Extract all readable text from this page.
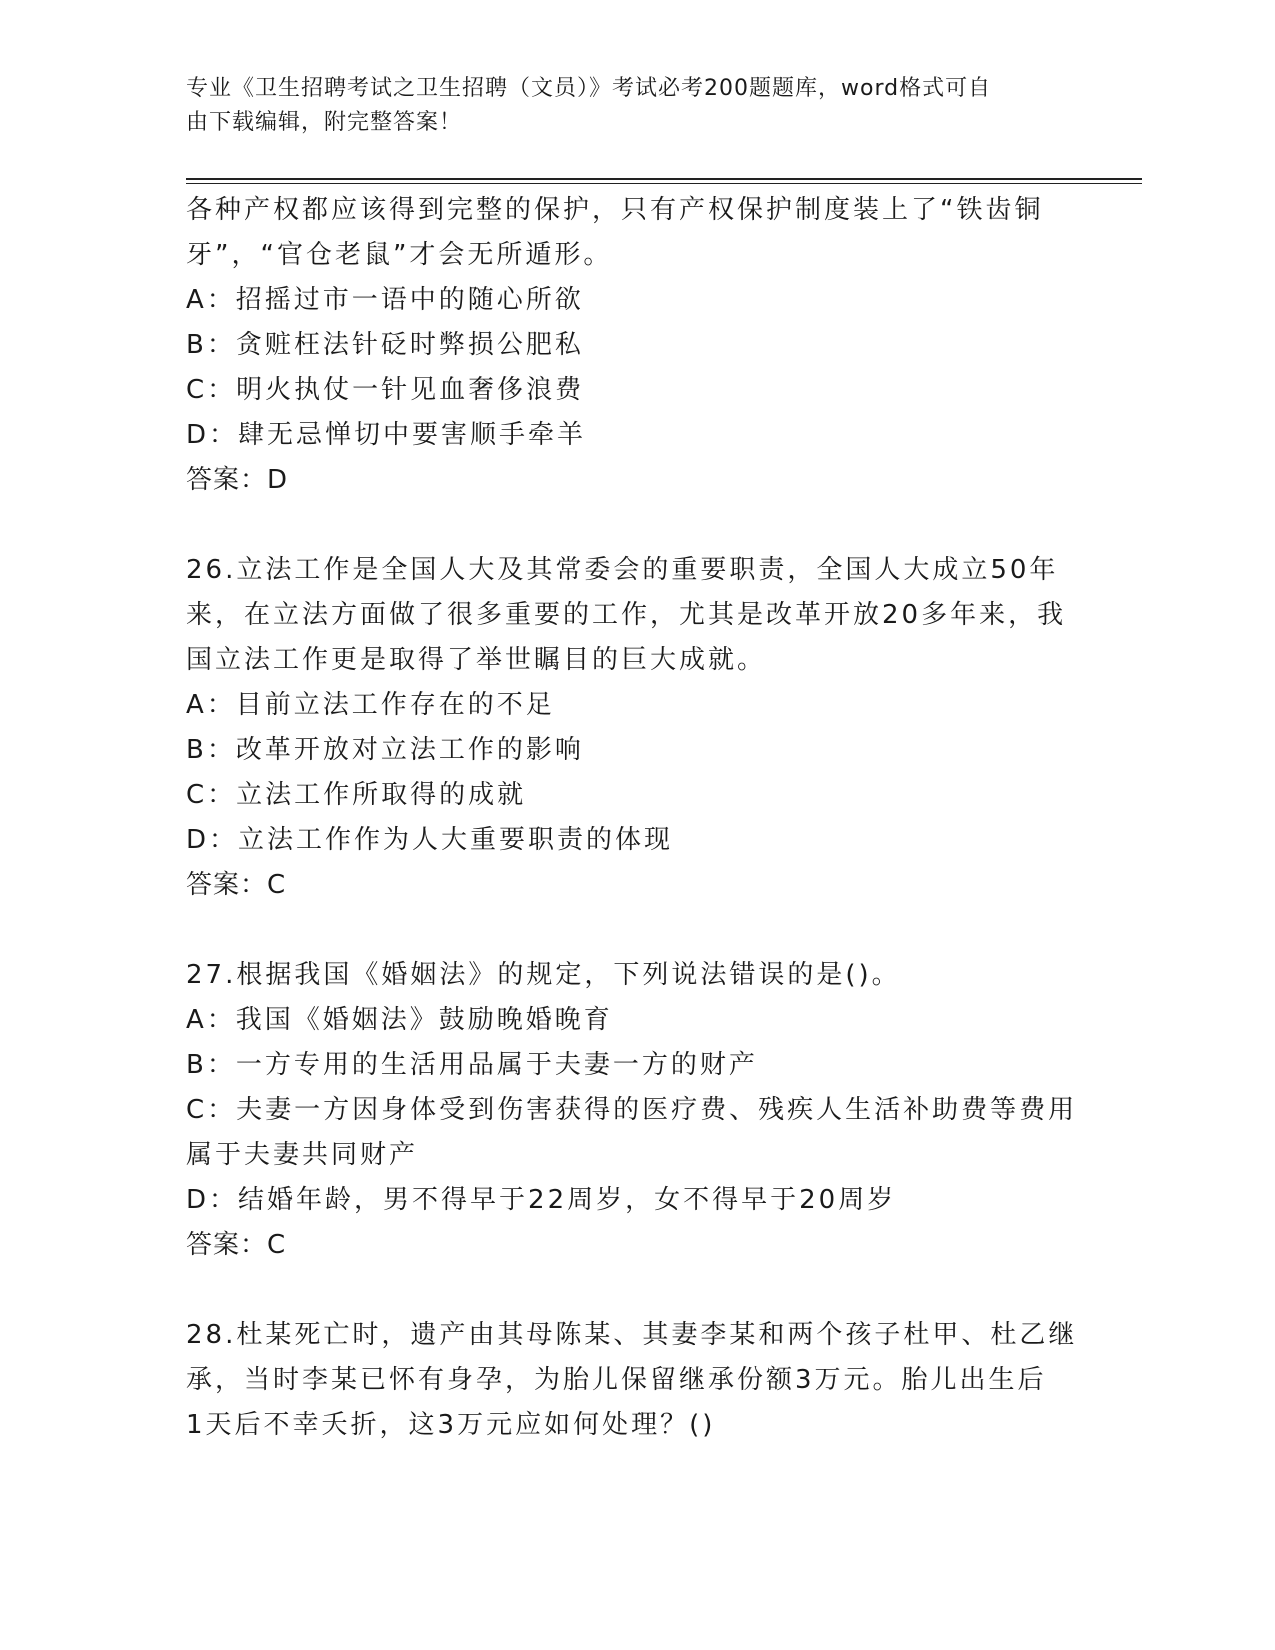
专业《卫生招聘考试之卫生招聘（文员）》考试必考200题题库，word格式可自

由下载编辑，附完整答案！

各种产权都应该得到完整的保护，只有产权保护制度装上了“铁齿铜

牙”，“官仓老鼠”才会无所遁形。

A：招摇过市一语中的随心所欲

B：贪赃枉法针砭时弊损公肥私

C：明火执仗一针见血奢侈浪费

D：肆无忌惮切中要害顺手牵羊

答案：D

26.立法工作是全国人大及其常委会的重要职责，全国人大成立50年

来，在立法方面做了很多重要的工作，尤其是改革开放20多年来，我

国立法工作更是取得了举世瞩目的巨大成就。

A：目前立法工作存在的不足

B：改革开放对立法工作的影响

C：立法工作所取得的成就

D：立法工作作为人大重要职责的体现

答案：C

27.根据我国《婚姻法》的规定，下列说法错误的是()。

A：我国《婚姻法》鼓励晚婚晚育

B：一方专用的生活用品属于夫妻一方的财产

C：夫妻一方因身体受到伤害获得的医疗费、残疾人生活补助费等费用

属于夫妻共同财产

D：结婚年龄，男不得早于22周岁，女不得早于20周岁

答案：C

28.杜某死亡时，遗产由其母陈某、其妻李某和两个孩子杜甲、杜乙继

承，当时李某已怀有身孕，为胎儿保留继承份额3万元。胎儿出生后

1天后不幸夭折，这3万元应如何处理？()
